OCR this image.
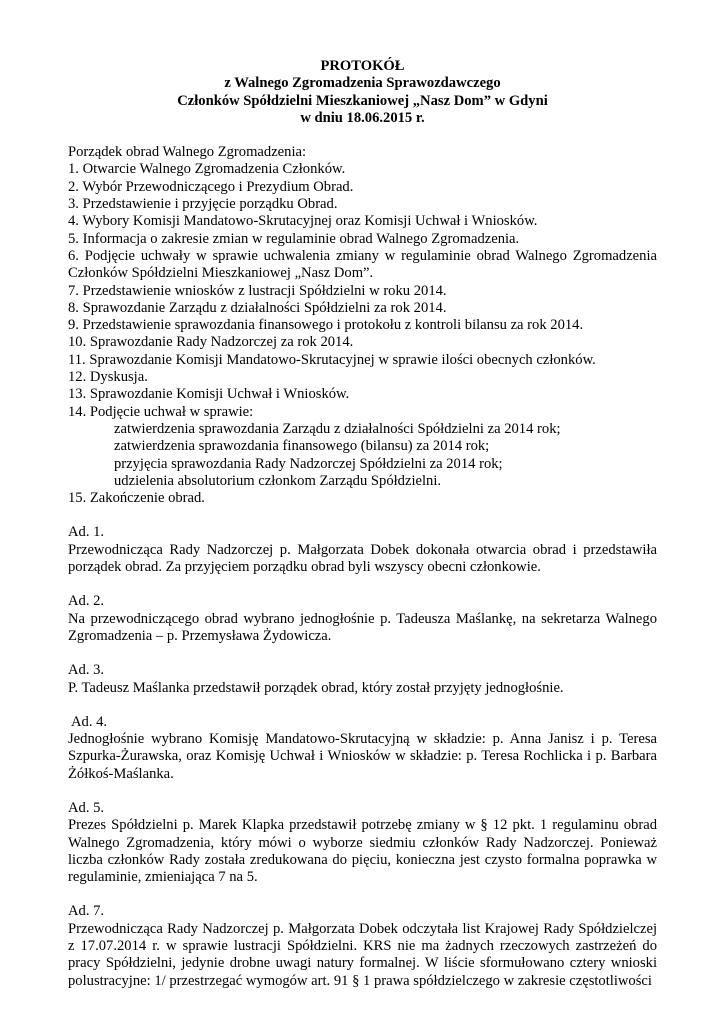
PROTOKÓŁ
z Walnego Zgromadzenia Sprawozdawczego
Członków Spółdzielni Mieszkaniowej „Nasz Dom” w Gdyni
w dniu 18.06.2015 r.

Porządek obrad Walnego Zgromadzenia:

1. Otwarcie Walnego Zgromadzenia Członków.
2. Wybór Przewodniczącego i Prezydium Obrad.
3. Przedstawienie i przyjęcie porządku Obrad.
4. Wybory Komisji Mandatowo-Skrutacyjnej oraz Komisji Uchwał i Wniosków.
5. Informacja o zakresie zmian w regulaminie obrad Walnego Zgromadzenia.
6. Podjęcie uchwały w sprawie uchwalenia zmiany w regulaminie obrad Walnego Zgromadzenia Członków Spółdzielni Mieszkaniowej „Nasz Dom”.
7. Przedstawienie wniosków z lustracji Spółdzielni w roku 2014.
8. Sprawozdanie Zarządu z działalności Spółdzielni za rok 2014.
9. Przedstawienie sprawozdania finansowego i protokołu z kontroli bilansu za rok 2014.
10. Sprawozdanie Rady Nadzorczej za rok 2014.
11. Sprawozdanie Komisji Mandatowo-Skrutacyjnej w sprawie ilości obecnych członków.
12. Dyskusja.
13. Sprawozdanie Komisji Uchwał i Wniosków.
14. Podjęcie uchwał w sprawie:
zatwierdzenia sprawozdania Zarządu z działalności Spółdzielni za 2014 rok;
zatwierdzenia sprawozdania finansowego (bilansu) za 2014 rok;
przyjęcia sprawozdania Rady Nadzorczej Spółdzielni za 2014 rok;
udzielenia absolutorium członkom Zarządu Spółdzielni.

15. Zakończenie obrad.

Ad. 1.

Przewodnicząca Rady Nadzorczej p. Małgorzata Dobek dokonała otwarcia obrad i przedstawiła porządek obrad. Za przyjęciem porządku obrad byli wszyscy obecni członkowie.

Ad. 2.

Na przewodniczącego obrad wybrano jednogłośnie p. Tadeusza Maślankę, na sekretarza Walnego Zgromadzenia – p. Przemysława Żydowicza.

Ad. 3.

P. Tadeusz Maślanka przedstawił porządek obrad, który został przyjęty jednogłośnie.

Ad. 4.

Jednogłośnie wybrano Komisję Mandatowo-Skrutacyjną w składzie: p. Anna Janisz i p. Teresa Szpurka-Żurawska, oraz Komisję Uchwał i Wniosków w składzie: p. Teresa Rochlicka i p. Barbara Żółkoś-Maślanka.

Ad. 5.

Prezes Spółdzielni p. Marek Klapka przedstawił potrzebę zmiany w § 12 pkt. 1 regulaminu obrad Walnego Zgromadzenia, który mówi o wyborze siedmiu członków Rady Nadzorczej. Ponieważ liczba członków Rady została zredukowana do pięciu, konieczna jest czysto formalna poprawka w regulaminie, zmieniająca 7 na 5.

Ad. 7.

Przewodnicząca Rady Nadzorczej p. Małgorzata Dobek odczytała list Krajowej Rady Spółdzielczej z 17.07.2014 r. w sprawie lustracji Spółdzielni. KRS nie ma żadnych rzeczowych zastrzeżeń do pracy Spółdzielni, jedynie drobne uwagi natury formalnej. W liście sformułowano cztery wnioski polustracyjne: 1/ przestrzegać wymogów art. 91 § 1 prawa spółdzielczego w zakresie częstotliwości
